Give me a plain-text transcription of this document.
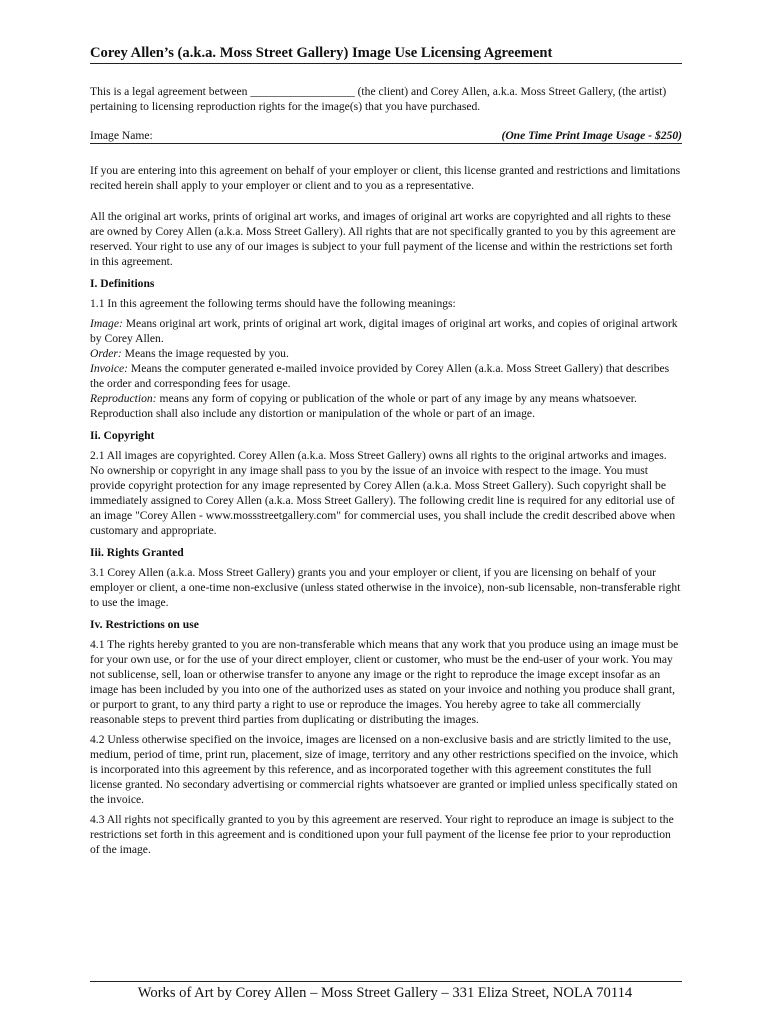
Corey Allen’s (a.k.a. Moss Street Gallery) Image Use Licensing Agreement

This is a legal agreement between __________________ (the client) and Corey Allen, a.k.a. Moss Street Gallery, (the artist) pertaining to licensing reproduction rights for the image(s) that you have purchased.

Image Name:	(One Time Print Image Usage - $250)

If you are entering into this agreement on behalf of your employer or client, this license granted and restrictions and limitations recited herein shall apply to your employer or client and to you as a representative.

All the original art works, prints of original art works, and images of original art works are copyrighted and all rights to these are owned by Corey Allen (a.k.a. Moss Street Gallery). All rights that are not specifically granted to you by this agreement are reserved. Your right to use any of our images is subject to your full payment of the license and within the restrictions set forth in this agreement.

I. Definitions

1.1 In this agreement the following terms should have the following meanings:

Image: Means original art work, prints of original art work, digital images of original art works, and copies of original artwork by Corey Allen.

Order: Means the image requested by you.

Invoice: Means the computer generated e-mailed invoice provided by Corey Allen (a.k.a. Moss Street Gallery) that describes the order and corresponding fees for usage.

Reproduction: means any form of copying or publication of the whole or part of any image by any means whatsoever. Reproduction shall also include any distortion or manipulation of the whole or part of an image.

Ii. Copyright

2.1 All images are copyrighted. Corey Allen (a.k.a. Moss Street Gallery) owns all rights to the original artworks and images. No ownership or copyright in any image shall pass to you by the issue of an invoice with respect to the image. You must provide copyright protection for any image represented by Corey Allen (a.k.a. Moss Street Gallery). Such copyright shall be immediately assigned to Corey Allen (a.k.a. Moss Street Gallery). The following credit line is required for any editorial use of an image "Corey Allen - www.mossstreetgallery.com" for commercial uses, you shall include the credit described above when customary and appropriate.

Iii. Rights Granted

3.1 Corey Allen (a.k.a. Moss Street Gallery) grants you and your employer or client, if you are licensing on behalf of your employer or client, a one-time non-exclusive (unless stated otherwise in the invoice), non-sub licensable, non-transferable right to use the image.

Iv. Restrictions on use

4.1 The rights hereby granted to you are non-transferable which means that any work that you produce using an image must be for your own use, or for the use of your direct employer, client or customer, who must be the end-user of your work. You may not sublicense, sell, loan or otherwise transfer to anyone any image or the right to reproduce the image except insofar as an image has been included by you into one of the authorized uses as stated on your invoice and nothing you produce shall grant, or purport to grant, to any third party a right to use or reproduce the images. You hereby agree to take all commercially reasonable steps to prevent third parties from duplicating or distributing the images.

4.2 Unless otherwise specified on the invoice, images are licensed on a non-exclusive basis and are strictly limited to the use, medium, period of time, print run, placement, size of image, territory and any other restrictions specified on the invoice, which is incorporated into this agreement by this reference, and as incorporated together with this agreement constitutes the full license granted. No secondary advertising or commercial rights whatsoever are granted or implied unless specifically stated on the invoice.

4.3 All rights not specifically granted to you by this agreement are reserved. Your right to reproduce an image is subject to the restrictions set forth in this agreement and is conditioned upon your full payment of the license fee prior to your reproduction of the image.

Works of Art by Corey Allen – Moss Street Gallery – 331 Eliza Street, NOLA 70114
